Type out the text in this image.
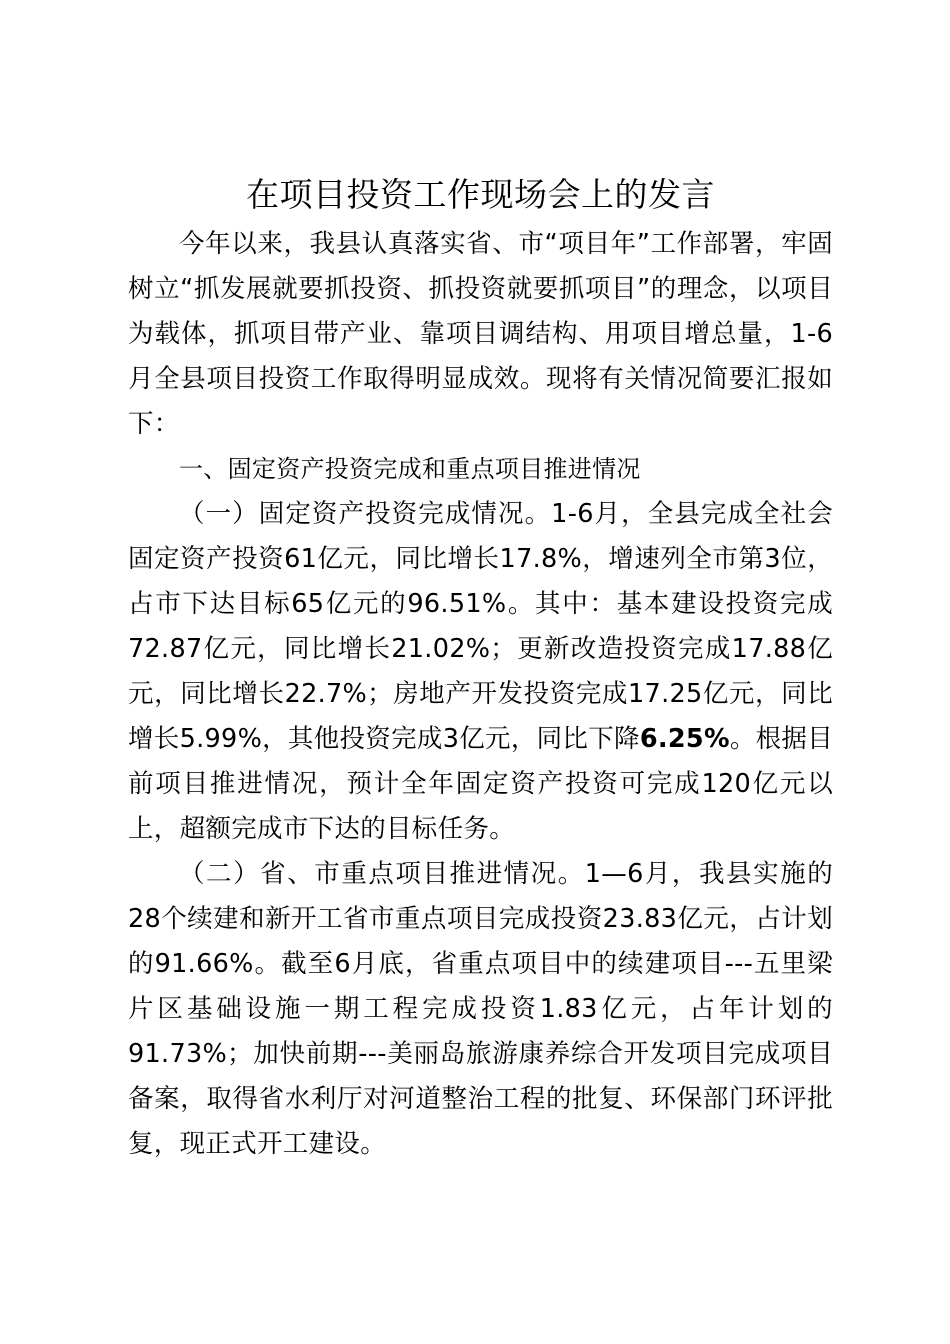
在项目投资工作现场会上的发言

今年以来，我县认真落实省、市“项目年”工作部署，牢固树立“抓发展就要抓投资、抓投资就要抓项目”的理念，以项目为载体，抓项目带产业、靠项目调结构、用项目增总量，1-6月全县项目投资工作取得明显成效。现将有关情况简要汇报如下：

一、固定资产投资完成和重点项目推进情况

（一）固定资产投资完成情况。1-6月，全县完成全社会固定资产投资61亿元，同比增长17.8%，增速列全市第3位，占市下达目标65亿元的96.51%。其中：基本建设投资完成72.87亿元，同比增长21.02%；更新改造投资完成17.88亿元，同比增长22.7%；房地产开发投资完成17.25亿元，同比增长5.99%，其他投资完成3亿元，同比下降6.25%。根据目前项目推进情况，预计全年固定资产投资可完成120亿元以上，超额完成市下达的目标任务。

（二）省、市重点项目推进情况。1—6月，我县实施的28个续建和新开工省市重点项目完成投资23.83亿元，占计划的91.66%。截至6月底，省重点项目中的续建项目---五里梁片区基础设施一期工程完成投资1.83亿元，占年计划的91.73%；加快前期---美丽岛旅游康养综合开发项目完成项目备案，取得省水利厅对河道整治工程的批复、环保部门环评批复，现正式开工建设。
